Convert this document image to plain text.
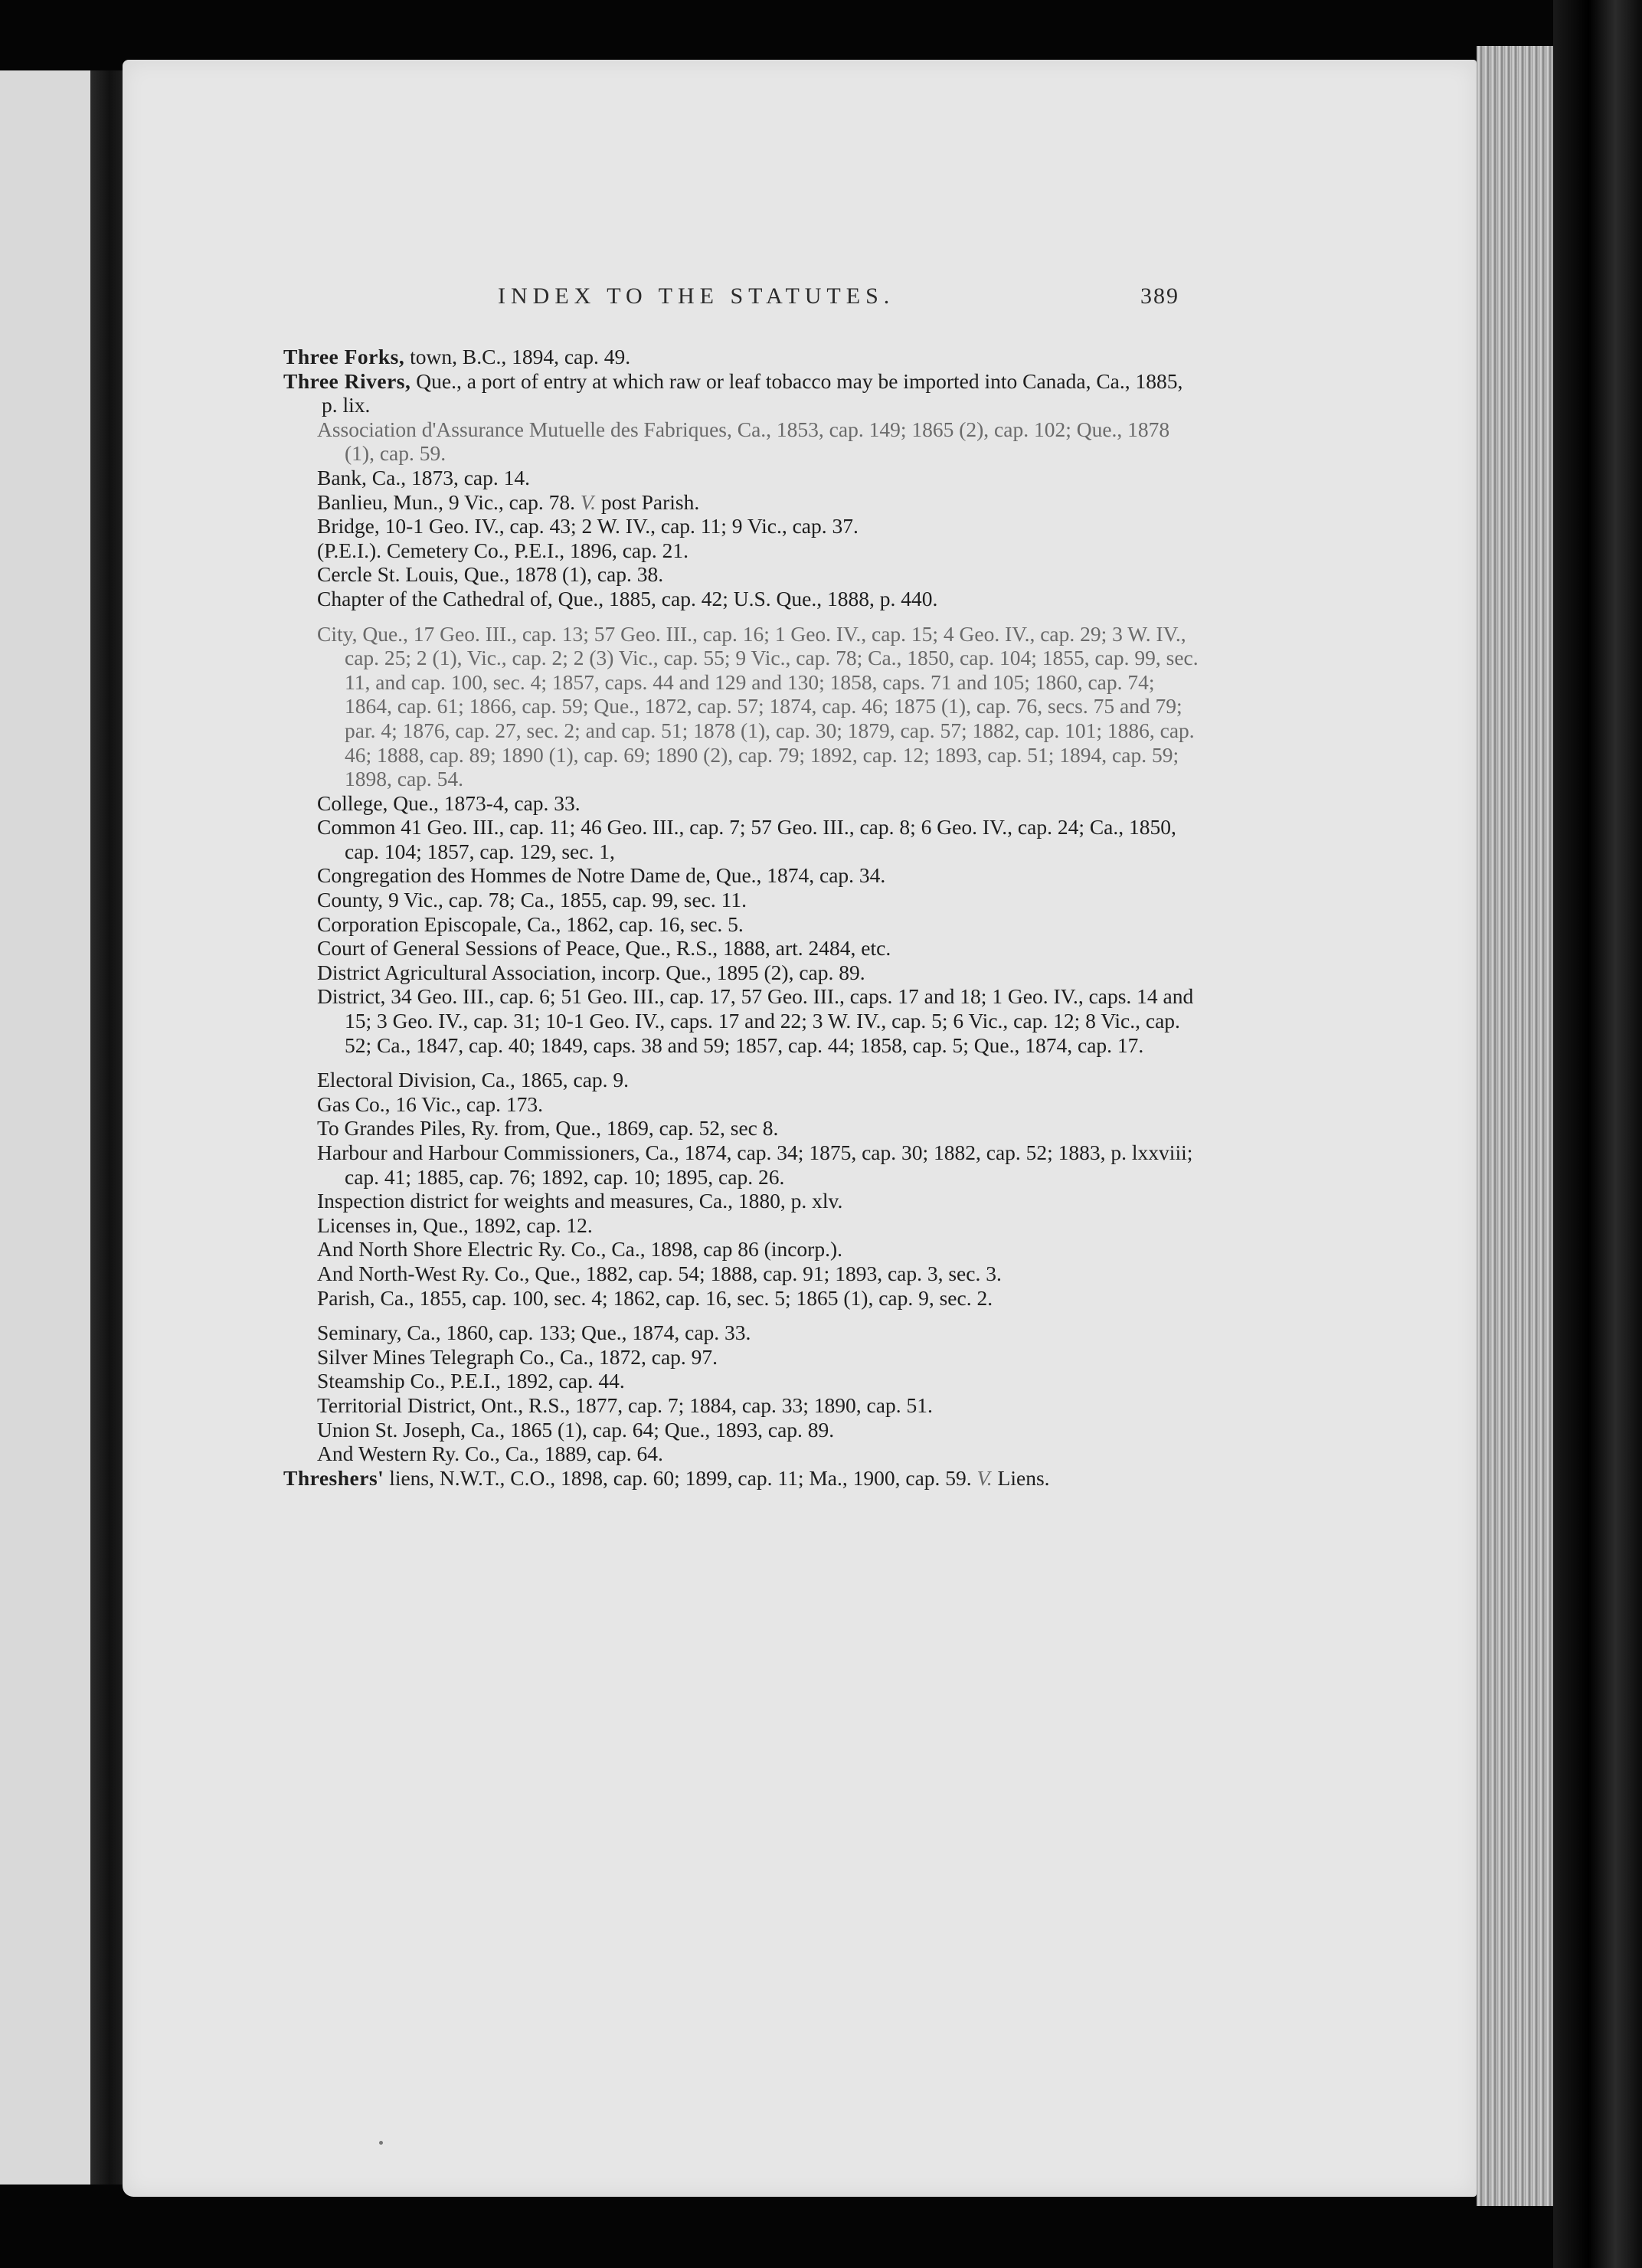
INDEX TO THE STATUTES.	389
Three Forks, town, B.C., 1894, cap. 49.
Three Rivers, Que., a port of entry at which raw or leaf tobacco may be imported into Canada, Ca., 1885, p. lix.
Association d'Assurance Mutuelle des Fabriques, Ca., 1853, cap. 149; 1865 (2), cap. 102; Que., 1878 (1), cap. 59.
Bank, Ca., 1873, cap. 14.
Banlieu, Mun., 9 Vic., cap. 78. V. post Parish.
Bridge, 10-1 Geo. IV., cap. 43; 2 W. IV., cap. 11; 9 Vic., cap. 37.
(P.E.I.). Cemetery Co., P.E.I., 1896, cap. 21.
Cercle St. Louis, Que., 1878 (1), cap. 38.
Chapter of the Cathedral of, Que., 1885, cap. 42; U.S. Que., 1888, p. 440.
City, Que., 17 Geo. III., cap. 13; 57 Geo. III., cap. 16; 1 Geo. IV., cap. 15; 4 Geo. IV., cap. 29; 3 W. IV., cap. 25; 2 (1), Vic., cap. 2; 2 (3) Vic., cap. 55; 9 Vic., cap. 78; Ca., 1850, cap. 104; 1855, cap. 99, sec. 11, and cap. 100, sec. 4; 1857, caps. 44 and 129 and 130; 1858, caps. 71 and 105; 1860, cap. 74; 1864, cap. 61; 1866, cap. 59; Que., 1872, cap. 57; 1874, cap. 46; 1875 (1), cap. 76, secs. 75 and 79; par. 4; 1876, cap. 27, sec. 2; and cap. 51; 1878 (1), cap. 30; 1879, cap. 57; 1882, cap. 101; 1886, cap. 46; 1888, cap. 89; 1890 (1), cap. 69; 1890 (2), cap. 79; 1892, cap. 12; 1893, cap. 51; 1894, cap. 59; 1898, cap. 54.
College, Que., 1873-4, cap. 33.
Common 41 Geo. III., cap. 11; 46 Geo. III., cap. 7; 57 Geo. III., cap. 8; 6 Geo. IV., cap. 24; Ca., 1850, cap. 104; 1857, cap. 129, sec. 1,
Congregation des Hommes de Notre Dame de, Que., 1874, cap. 34.
County, 9 Vic., cap. 78; Ca., 1855, cap. 99, sec. 11.
Corporation Episcopale, Ca., 1862, cap. 16, sec. 5.
Court of General Sessions of Peace, Que., R.S., 1888, art. 2484, etc.
District Agricultural Association, incorp. Que., 1895 (2), cap. 89.
District, 34 Geo. III., cap. 6; 51 Geo. III., cap. 17, 57 Geo. III., caps. 17 and 18; 1 Geo. IV., caps. 14 and 15; 3 Geo. IV., cap. 31; 10-1 Geo. IV., caps. 17 and 22; 3 W. IV., cap. 5; 6 Vic., cap. 12; 8 Vic., cap. 52; Ca., 1847, cap. 40; 1849, caps. 38 and 59; 1857, cap. 44; 1858, cap. 5; Que., 1874, cap. 17.
Electoral Division, Ca., 1865, cap. 9.
Gas Co., 16 Vic., cap. 173.
To Grandes Piles, Ry. from, Que., 1869, cap. 52, sec 8.
Harbour and Harbour Commissioners, Ca., 1874, cap. 34; 1875, cap. 30; 1882, cap. 52; 1883, p. lxxviii; cap. 41; 1885, cap. 76; 1892, cap. 10; 1895, cap. 26.
Inspection district for weights and measures, Ca., 1880, p. xlv.
Licenses in, Que., 1892, cap. 12.
And North Shore Electric Ry. Co., Ca., 1898, cap 86 (incorp.).
And North-West Ry. Co., Que., 1882, cap. 54; 1888, cap. 91; 1893, cap. 3, sec. 3.
Parish, Ca., 1855, cap. 100, sec. 4; 1862, cap. 16, sec. 5; 1865 (1), cap. 9, sec. 2.
Seminary, Ca., 1860, cap. 133; Que., 1874, cap. 33.
Silver Mines Telegraph Co., Ca., 1872, cap. 97.
Steamship Co., P.E.I., 1892, cap. 44.
Territorial District, Ont., R.S., 1877, cap. 7; 1884, cap. 33; 1890, cap. 51.
Union St. Joseph, Ca., 1865 (1), cap. 64; Que., 1893, cap. 89.
And Western Ry. Co., Ca., 1889, cap. 64.
Threshers' liens, N.W.T., C.O., 1898, cap. 60; 1899, cap. 11; Ma., 1900, cap. 59. V. Liens.
